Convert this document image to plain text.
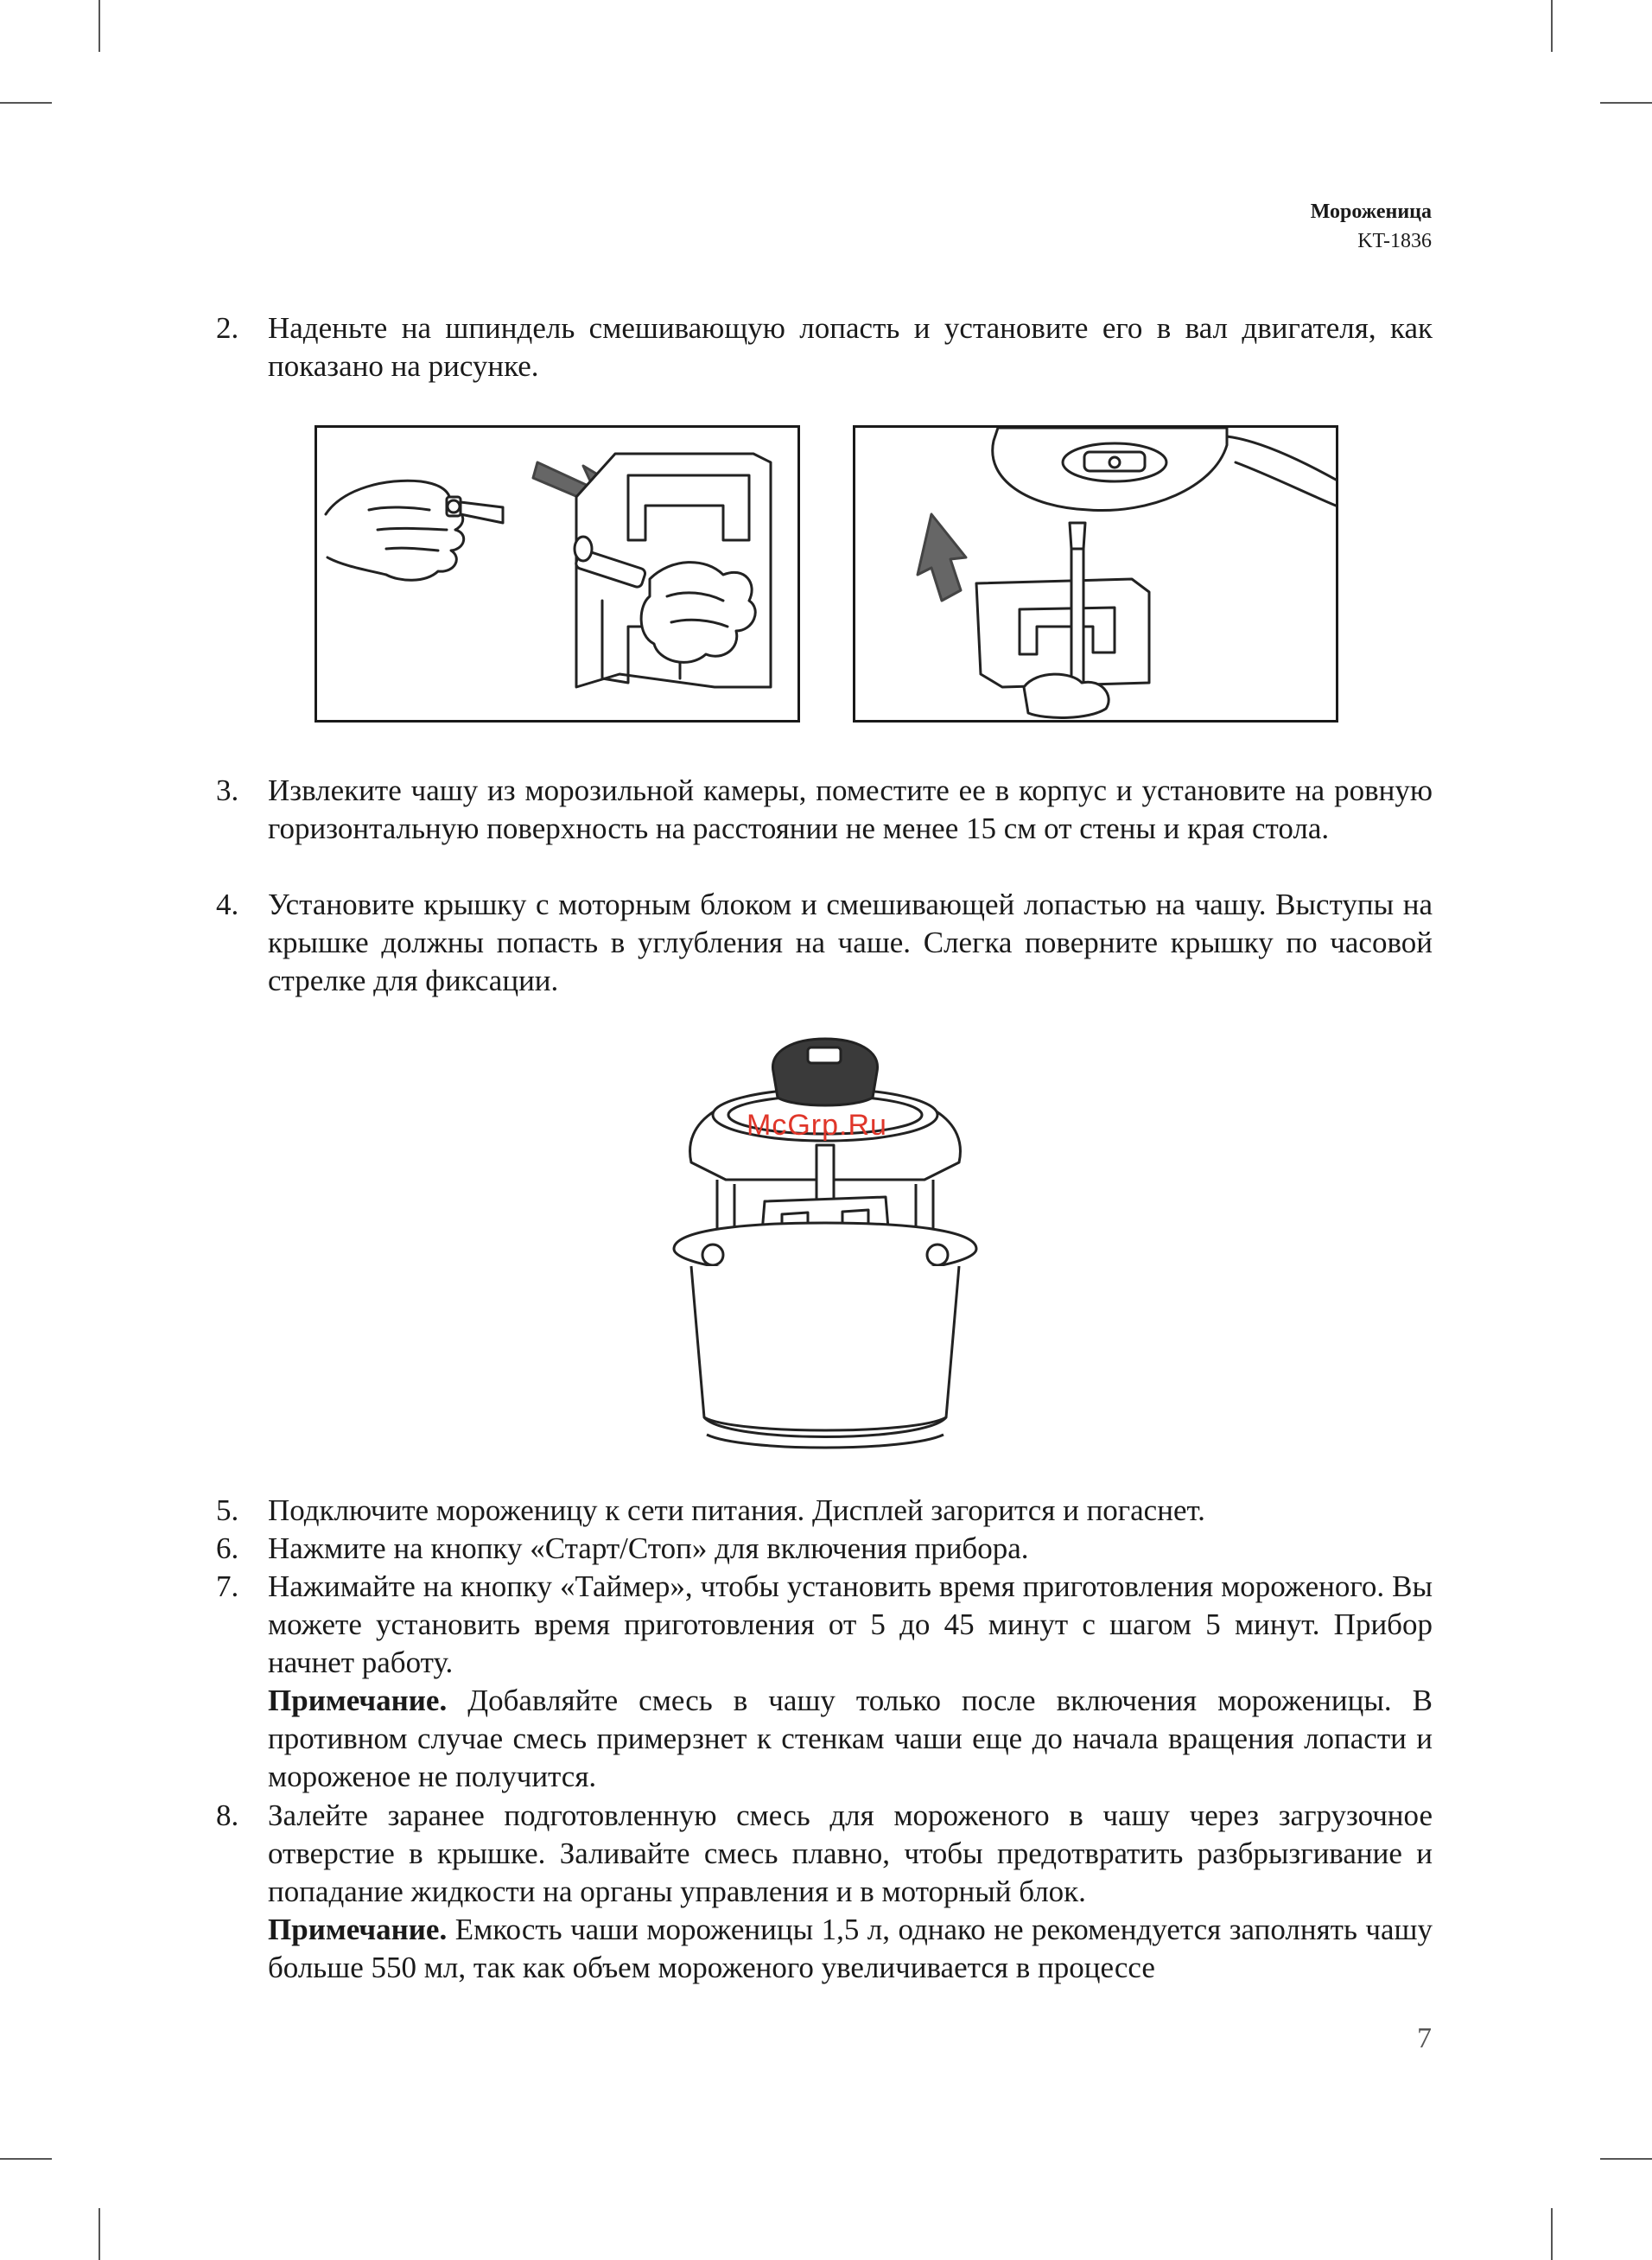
Мороженица
KT-1836
2. Наденьте на шпиндель смешивающую лопасть и установите его в вал двигателя, как показано на рисунке.
3. Извлеките чашу из морозильной камеры, поместите ее в корпус и установите на ровную горизонтальную поверхность на расстоянии не менее 15 см от стены и края стола.
4. Установите крышку с моторным блоком и смешивающей лопастью на чашу. Выступы на крышке должны попасть в углубления на чаше. Слегка поверните крышку по часовой стрелке для фиксации.
McGrp.Ru
5. Подключите мороженицу к сети питания. Дисплей загорится и погаснет.
6. Нажмите на кнопку «Старт/Стоп» для включения прибора.
7. Нажимайте на кнопку «Таймер», чтобы установить время приготовления мороженого. Вы можете установить время приготовления от 5 до 45 минут с шагом 5 минут. Прибор начнет работу.
Примечание. Добавляйте смесь в чашу только после включения мороженицы. В противном случае смесь примерзнет к стенкам чаши еще до начала вращения лопасти и мороженое не получится.
8. Залейте заранее подготовленную смесь для мороженого в чашу через загрузочное отверстие в крышке. Заливайте смесь плавно, чтобы предотвратить разбрызгивание и попадание жидкости на органы управления и в моторный блок.
Примечание. Емкость чаши мороженицы 1,5 л, однако не рекомендуется заполнять чашу больше 550 мл, так как объем мороженого увеличивается в процессе
7
